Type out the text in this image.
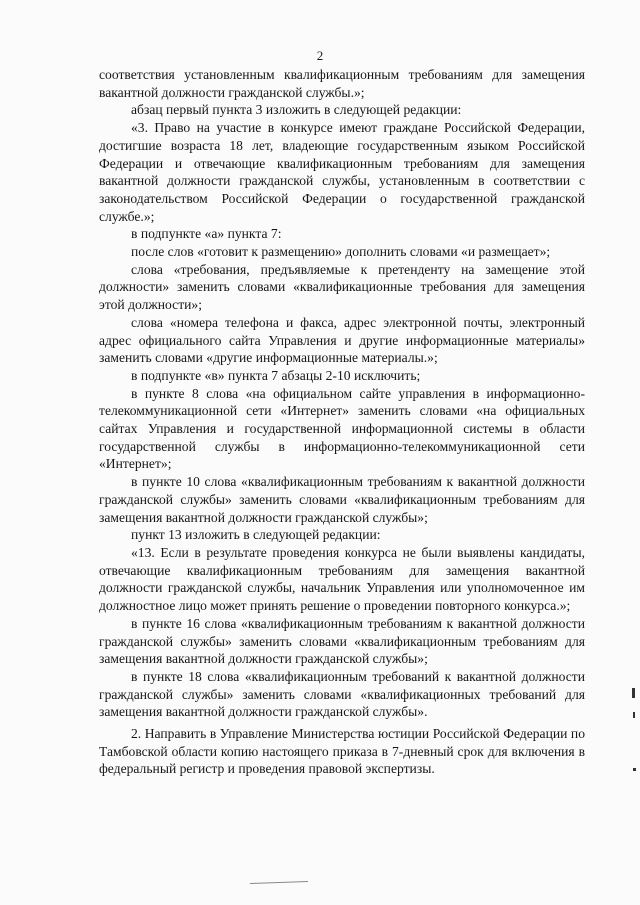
2

соответствия установленным квалификационным требованиям для замещения вакантной должности гражданской службы.»;

абзац первый пункта 3 изложить в следующей редакции:

«3. Право на участие в конкурсе имеют граждане Российской Федерации, достигшие возраста 18 лет, владеющие государственным языком Российской Федерации и отвечающие квалификационным требованиям для замещения вакантной должности гражданской службы, установленным в соответствии с законодательством Российской Федерации о государственной гражданской службе.»;

в подпункте «а» пункта 7:

после слов «готовит к размещению» дополнить словами «и размещает»;

слова «требования, предъявляемые к претенденту на замещение этой должности» заменить словами «квалификационные требования для замещения этой должности»;

слова «номера телефона и факса, адрес электронной почты, электронный адрес официального сайта Управления и другие информационные материалы» заменить словами «другие информационные материалы.»;

в подпункте «в» пункта 7 абзацы 2-10 исключить;

в пункте 8 слова «на официальном сайте управления в информационно-телекоммуникационной сети «Интернет» заменить словами «на официальных сайтах Управления и государственной информационной системы в области государственной службы в информационно-телекоммуникационной сети «Интернет»;

в пункте 10 слова «квалификационным требованиям к вакантной должности гражданской службы» заменить словами «квалификационным требованиям для замещения вакантной должности гражданской службы»;

пункт 13 изложить в следующей редакции:

«13. Если в результате проведения конкурса не были выявлены кандидаты, отвечающие квалификационным требованиям для замещения вакантной должности гражданской службы, начальник Управления или уполномоченное им должностное лицо может принять решение о проведении повторного конкурса.»;

в пункте 16 слова «квалификационным требованиям к вакантной должности гражданской службы» заменить словами «квалификационным требованиям для замещения вакантной должности гражданской службы»;

в пункте 18 слова «квалификационным требований к вакантной должности гражданской службы» заменить словами «квалификационных требований для замещения вакантной должности гражданской службы».

2. Направить в Управление Министерства юстиции Российской Федерации по Тамбовской области копию настоящего приказа в 7-дневный срок для включения в федеральный регистр и проведения правовой экспертизы.
